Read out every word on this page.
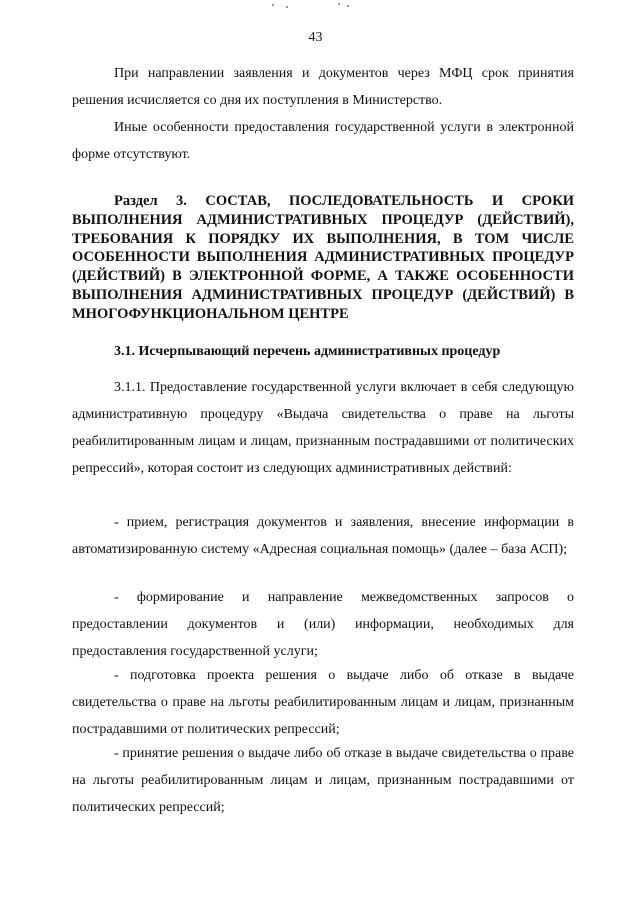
43

При направлении заявления и документов через МФЦ срок принятия решения исчисляется со дня их поступления в Министерство.

Иные особенности предоставления государственной услуги в электронной форме отсутствуют.

Раздел 3. СОСТАВ, ПОСЛЕДОВАТЕЛЬНОСТЬ И СРОКИ ВЫПОЛНЕНИЯ АДМИНИСТРАТИВНЫХ ПРОЦЕДУР (ДЕЙСТВИЙ), ТРЕБОВАНИЯ К ПОРЯДКУ ИХ ВЫПОЛНЕНИЯ, В ТОМ ЧИСЛЕ ОСОБЕННОСТИ ВЫПОЛНЕНИЯ АДМИНИСТРАТИВНЫХ ПРОЦЕДУР (ДЕЙСТВИЙ) В ЭЛЕКТРОННОЙ ФОРМЕ, А ТАКЖЕ ОСОБЕННОСТИ ВЫПОЛНЕНИЯ АДМИНИСТРАТИВНЫХ ПРОЦЕДУР (ДЕЙСТВИЙ) В МНОГОФУНКЦИОНАЛЬНОМ ЦЕНТРЕ

3.1. Исчерпывающий перечень административных процедур

3.1.1. Предоставление государственной услуги включает в себя следующую административную процедуру «Выдача свидетельства о праве на льготы реабилитированным лицам и лицам, признанным пострадавшими от политических репрессий», которая состоит из следующих административных действий:

- прием, регистрация документов и заявления, внесение информации в автоматизированную систему «Адресная социальная помощь» (далее – база АСП);

- формирование и направление межведомственных запросов о предоставлении документов и (или) информации, необходимых для предоставления государственной услуги;

- подготовка проекта решения о выдаче либо об отказе в выдаче свидетельства о праве на льготы реабилитированным лицам и лицам, признанным пострадавшими от политических репрессий;

- принятие решения о выдаче либо об отказе в выдаче свидетельства о праве на льготы реабилитированным лицам и лицам, признанным пострадавшими от политических репрессий;
